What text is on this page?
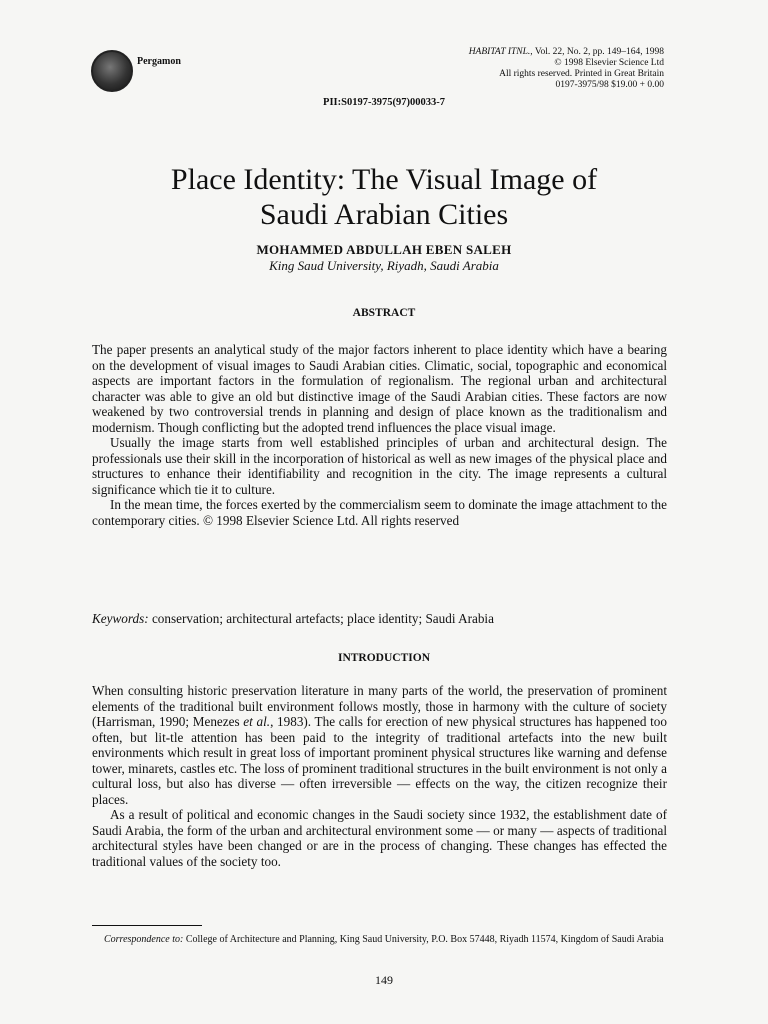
Pergamon
HABITAT ITNL., Vol. 22, No. 2, pp. 149–164, 1998
© 1998 Elsevier Science Ltd
All rights reserved. Printed in Great Britain
0197-3975/98 $19.00 + 0.00
PII:S0197-3975(97)00033-7
Place Identity: The Visual Image of
Saudi Arabian Cities
MOHAMMED ABDULLAH EBEN SALEH
King Saud University, Riyadh, Saudi Arabia
ABSTRACT

The paper presents an analytical study of the major factors inherent to place identity which have a bearing on the development of visual images to Saudi Arabian cities. Climatic, social, topographic and economical aspects are important factors in the formulation of regionalism. The regional urban and architectural character was able to give an old but distinctive image of the Saudi Arabian cities. These factors are now weakened by two controversial trends in planning and design of place known as the traditionalism and modernism. Though conflicting but the adopted trend influences the place visual image.

Usually the image starts from well established principles of urban and architectural design. The professionals use their skill in the incorporation of historical as well as new images of the physical place and structures to enhance their identifiability and recognition in the city. The image represents a cultural significance which tie it to culture.

In the mean time, the forces exerted by the commercialism seem to dominate the image attachment to the contemporary cities. © 1998 Elsevier Science Ltd. All rights reserved

Keywords: conservation; architectural artefacts; place identity; Saudi Arabia
INTRODUCTION

When consulting historic preservation literature in many parts of the world, the preservation of prominent elements of the traditional built environment follows mostly, those in harmony with the culture of society (Harrisman, 1990; Menezes et al., 1983). The calls for erection of new physical structures has happened too often, but lit-tle attention has been paid to the integrity of traditional artefacts into the new built environments which result in great loss of important prominent physical structures like warning and defense tower, minarets, castles etc. The loss of prominent traditional structures in the built environment is not only a cultural loss, but also has diverse — often irreversible — effects on the way, the citizen recognize their places.

As a result of political and economic changes in the Saudi society since 1932, the establishment date of Saudi Arabia, the form of the urban and architectural environment some — or many — aspects of traditional architectural styles have been changed or are in the process of changing. These changes has effected the traditional values of the society too.

Correspondence to: College of Architecture and Planning, King Saud University, P.O. Box 57448, Riyadh 11574, Kingdom of Saudi Arabia
149
